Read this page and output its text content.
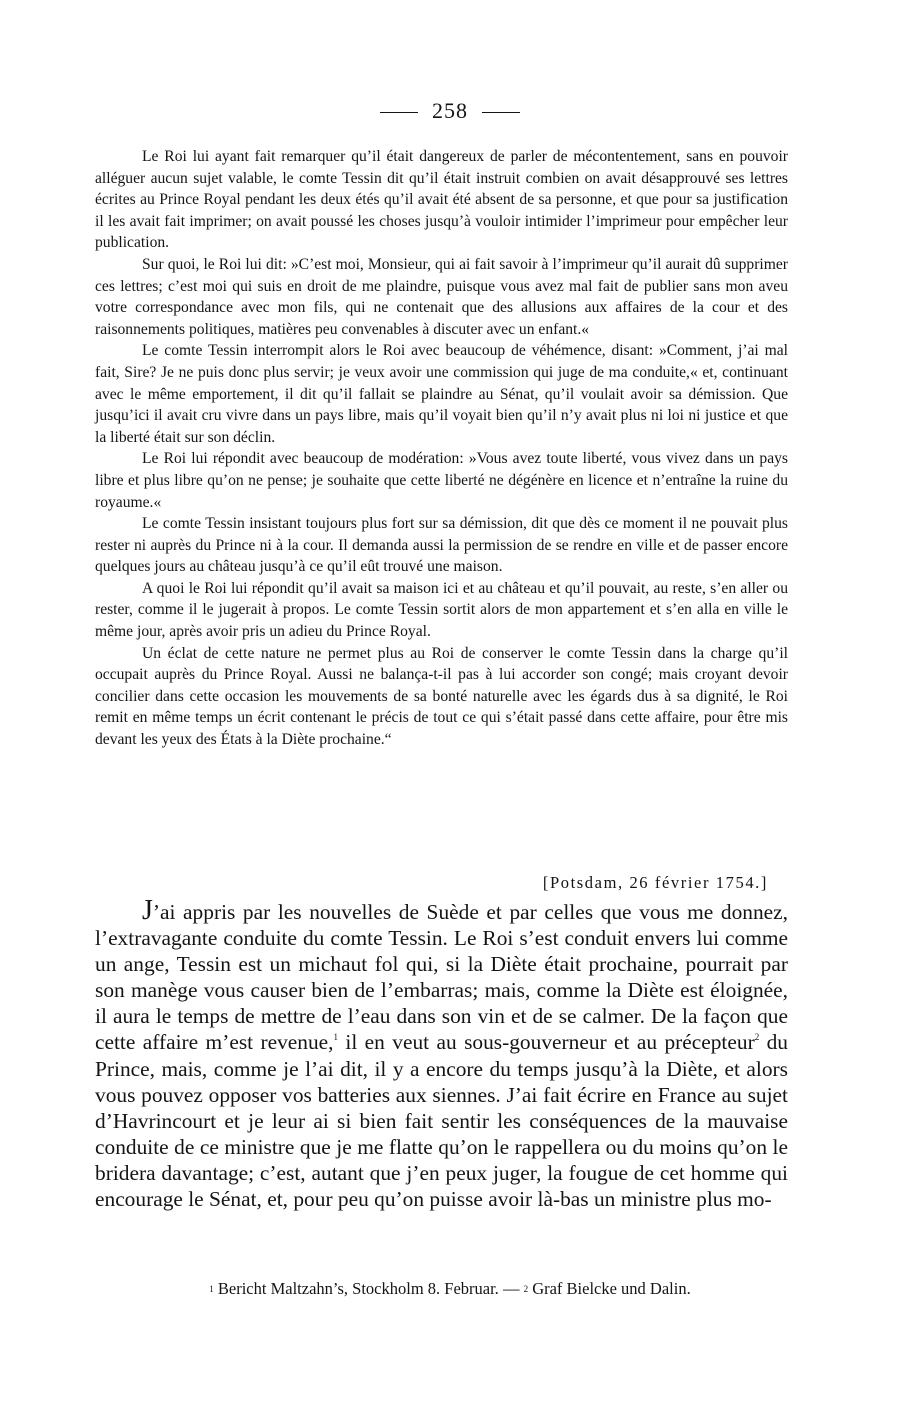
258

Le Roi lui ayant fait remarquer qu’il était dangereux de parler de mécontentement, sans en pouvoir alléguer aucun sujet valable, le comte Tessin dit qu’il était instruit combien on avait désapprouvé ses lettres écrites au Prince Royal pendant les deux étés qu’il avait été absent de sa personne, et que pour sa justification il les avait fait imprimer; on avait poussé les choses jusqu’à vouloir intimider l’imprimeur pour empêcher leur publication.

Sur quoi, le Roi lui dit: »C’est moi, Monsieur, qui ai fait savoir à l’imprimeur qu’il aurait dû supprimer ces lettres; c’est moi qui suis en droit de me plaindre, puisque vous avez mal fait de publier sans mon aveu votre correspondance avec mon fils, qui ne contenait que des allusions aux affaires de la cour et des raisonnements politiques, matières peu convenables à discuter avec un enfant.«

Le comte Tessin interrompit alors le Roi avec beaucoup de véhémence, disant: »Comment, j’ai mal fait, Sire? Je ne puis donc plus servir; je veux avoir une commission qui juge de ma conduite,« et, continuant avec le même emportement, il dit qu’il fallait se plaindre au Sénat, qu’il voulait avoir sa démission. Que jusqu’ici il avait cru vivre dans un pays libre, mais qu’il voyait bien qu’il n’y avait plus ni loi ni justice et que la liberté était sur son déclin.

Le Roi lui répondit avec beaucoup de modération: »Vous avez toute liberté, vous vivez dans un pays libre et plus libre qu’on ne pense; je souhaite que cette liberté ne dégénère en licence et n’entraîne la ruine du royaume.«

Le comte Tessin insistant toujours plus fort sur sa démission, dit que dès ce moment il ne pouvait plus rester ni auprès du Prince ni à la cour. Il demanda aussi la permission de se rendre en ville et de passer encore quelques jours au château jusqu’à ce qu’il eût trouvé une maison.

A quoi le Roi lui répondit qu’il avait sa maison ici et au château et qu’il pouvait, au reste, s’en aller ou rester, comme il le jugerait à propos. Le comte Tessin sortit alors de mon appartement et s’en alla en ville le même jour, après avoir pris un adieu du Prince Royal.

Un éclat de cette nature ne permet plus au Roi de conserver le comte Tessin dans la charge qu’il occupait auprès du Prince Royal. Aussi ne balança-t-il pas à lui accorder son congé; mais croyant devoir concilier dans cette occasion les mouvements de sa bonté naturelle avec les égards dus à sa dignité, le Roi remit en même temps un écrit contenant le précis de tout ce qui s’était passé dans cette affaire, pour être mis devant les yeux des États à la Diète prochaine.“

[Potsdam, 26 février 1754.]

J’ai appris par les nouvelles de Suède et par celles que vous me donnez, l’extravagante conduite du comte Tessin. Le Roi s’est conduit envers lui comme un ange, Tessin est un michaut fol qui, si la Diète était prochaine, pourrait par son manège vous causer bien de l’embarras; mais, comme la Diète est éloignée, il aura le temps de mettre de l’eau dans son vin et de se calmer. De la façon que cette affaire m’est revenue,$^1$ il en veut au sous-gouverneur et au précepteur$^2$ du Prince, mais, comme je l’ai dit, il y a encore du temps jusqu’à la Diète, et alors vous pouvez opposer vos batteries aux siennes. J’ai fait écrire en France au sujet d’Havrincourt et je leur ai si bien fait sentir les conséquences de la mauvaise conduite de ce ministre que je me flatte qu’on le rappellera ou du moins qu’on le bridera davantage; c’est, autant que j’en peux juger, la fougue de cet homme qui encourage le Sénat, et, pour peu qu’on puisse avoir là-bas un ministre plus mo-

$^1$ Bericht Maltzahn’s, Stockholm 8. Februar. — $^2$ Graf Bielcke und Dalin.
